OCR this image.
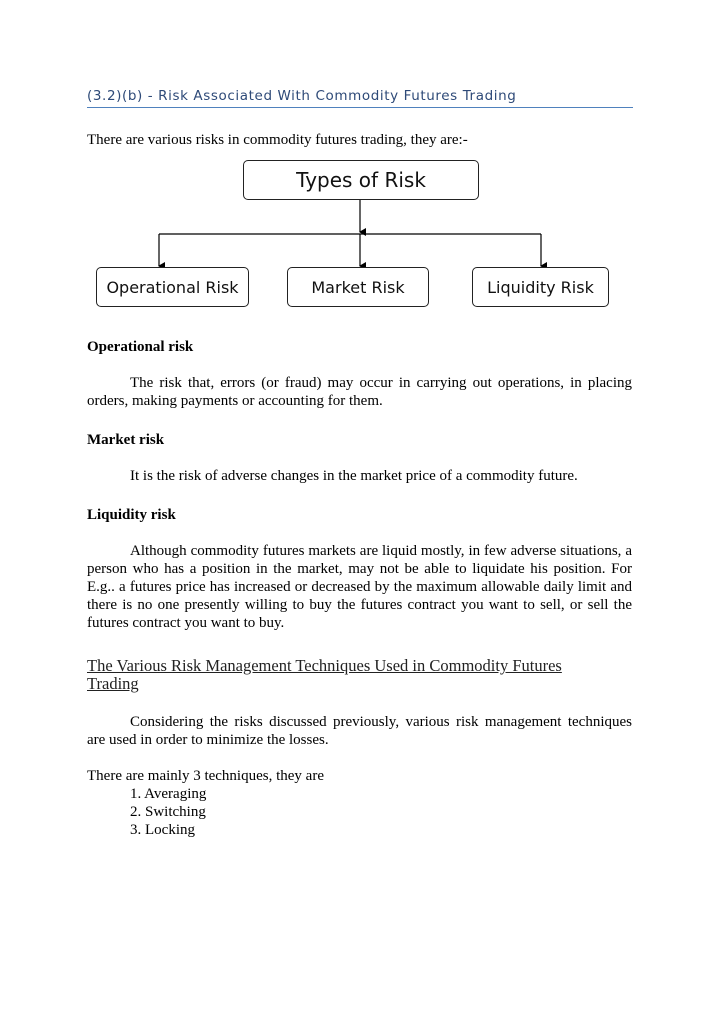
(3.2)(b) - Risk Associated With Commodity Futures Trading
There are various risks in commodity futures trading, they are:-
Types of Risk
Operational Risk	Market Risk	Liquidity Risk
Operational risk
The risk that, errors (or fraud) may occur in carrying out operations, in placing orders, making payments or accounting for them.
Market risk
It is the risk of adverse changes in the market price of a commodity future.
Liquidity risk
Although commodity futures markets are liquid mostly, in few adverse situations, a person who has a position in the market, may not be able to liquidate his position. For E.g.. a futures price has increased or decreased by the maximum allowable daily limit and there is no one presently willing to buy the futures contract you want to sell, or sell the futures contract you want to buy.
The Various Risk Management Techniques Used in Commodity Futures Trading
Considering the risks discussed previously, various risk management techniques are used in order to minimize the losses.
There are mainly 3 techniques, they are
1. Averaging
2. Switching
3. Locking
